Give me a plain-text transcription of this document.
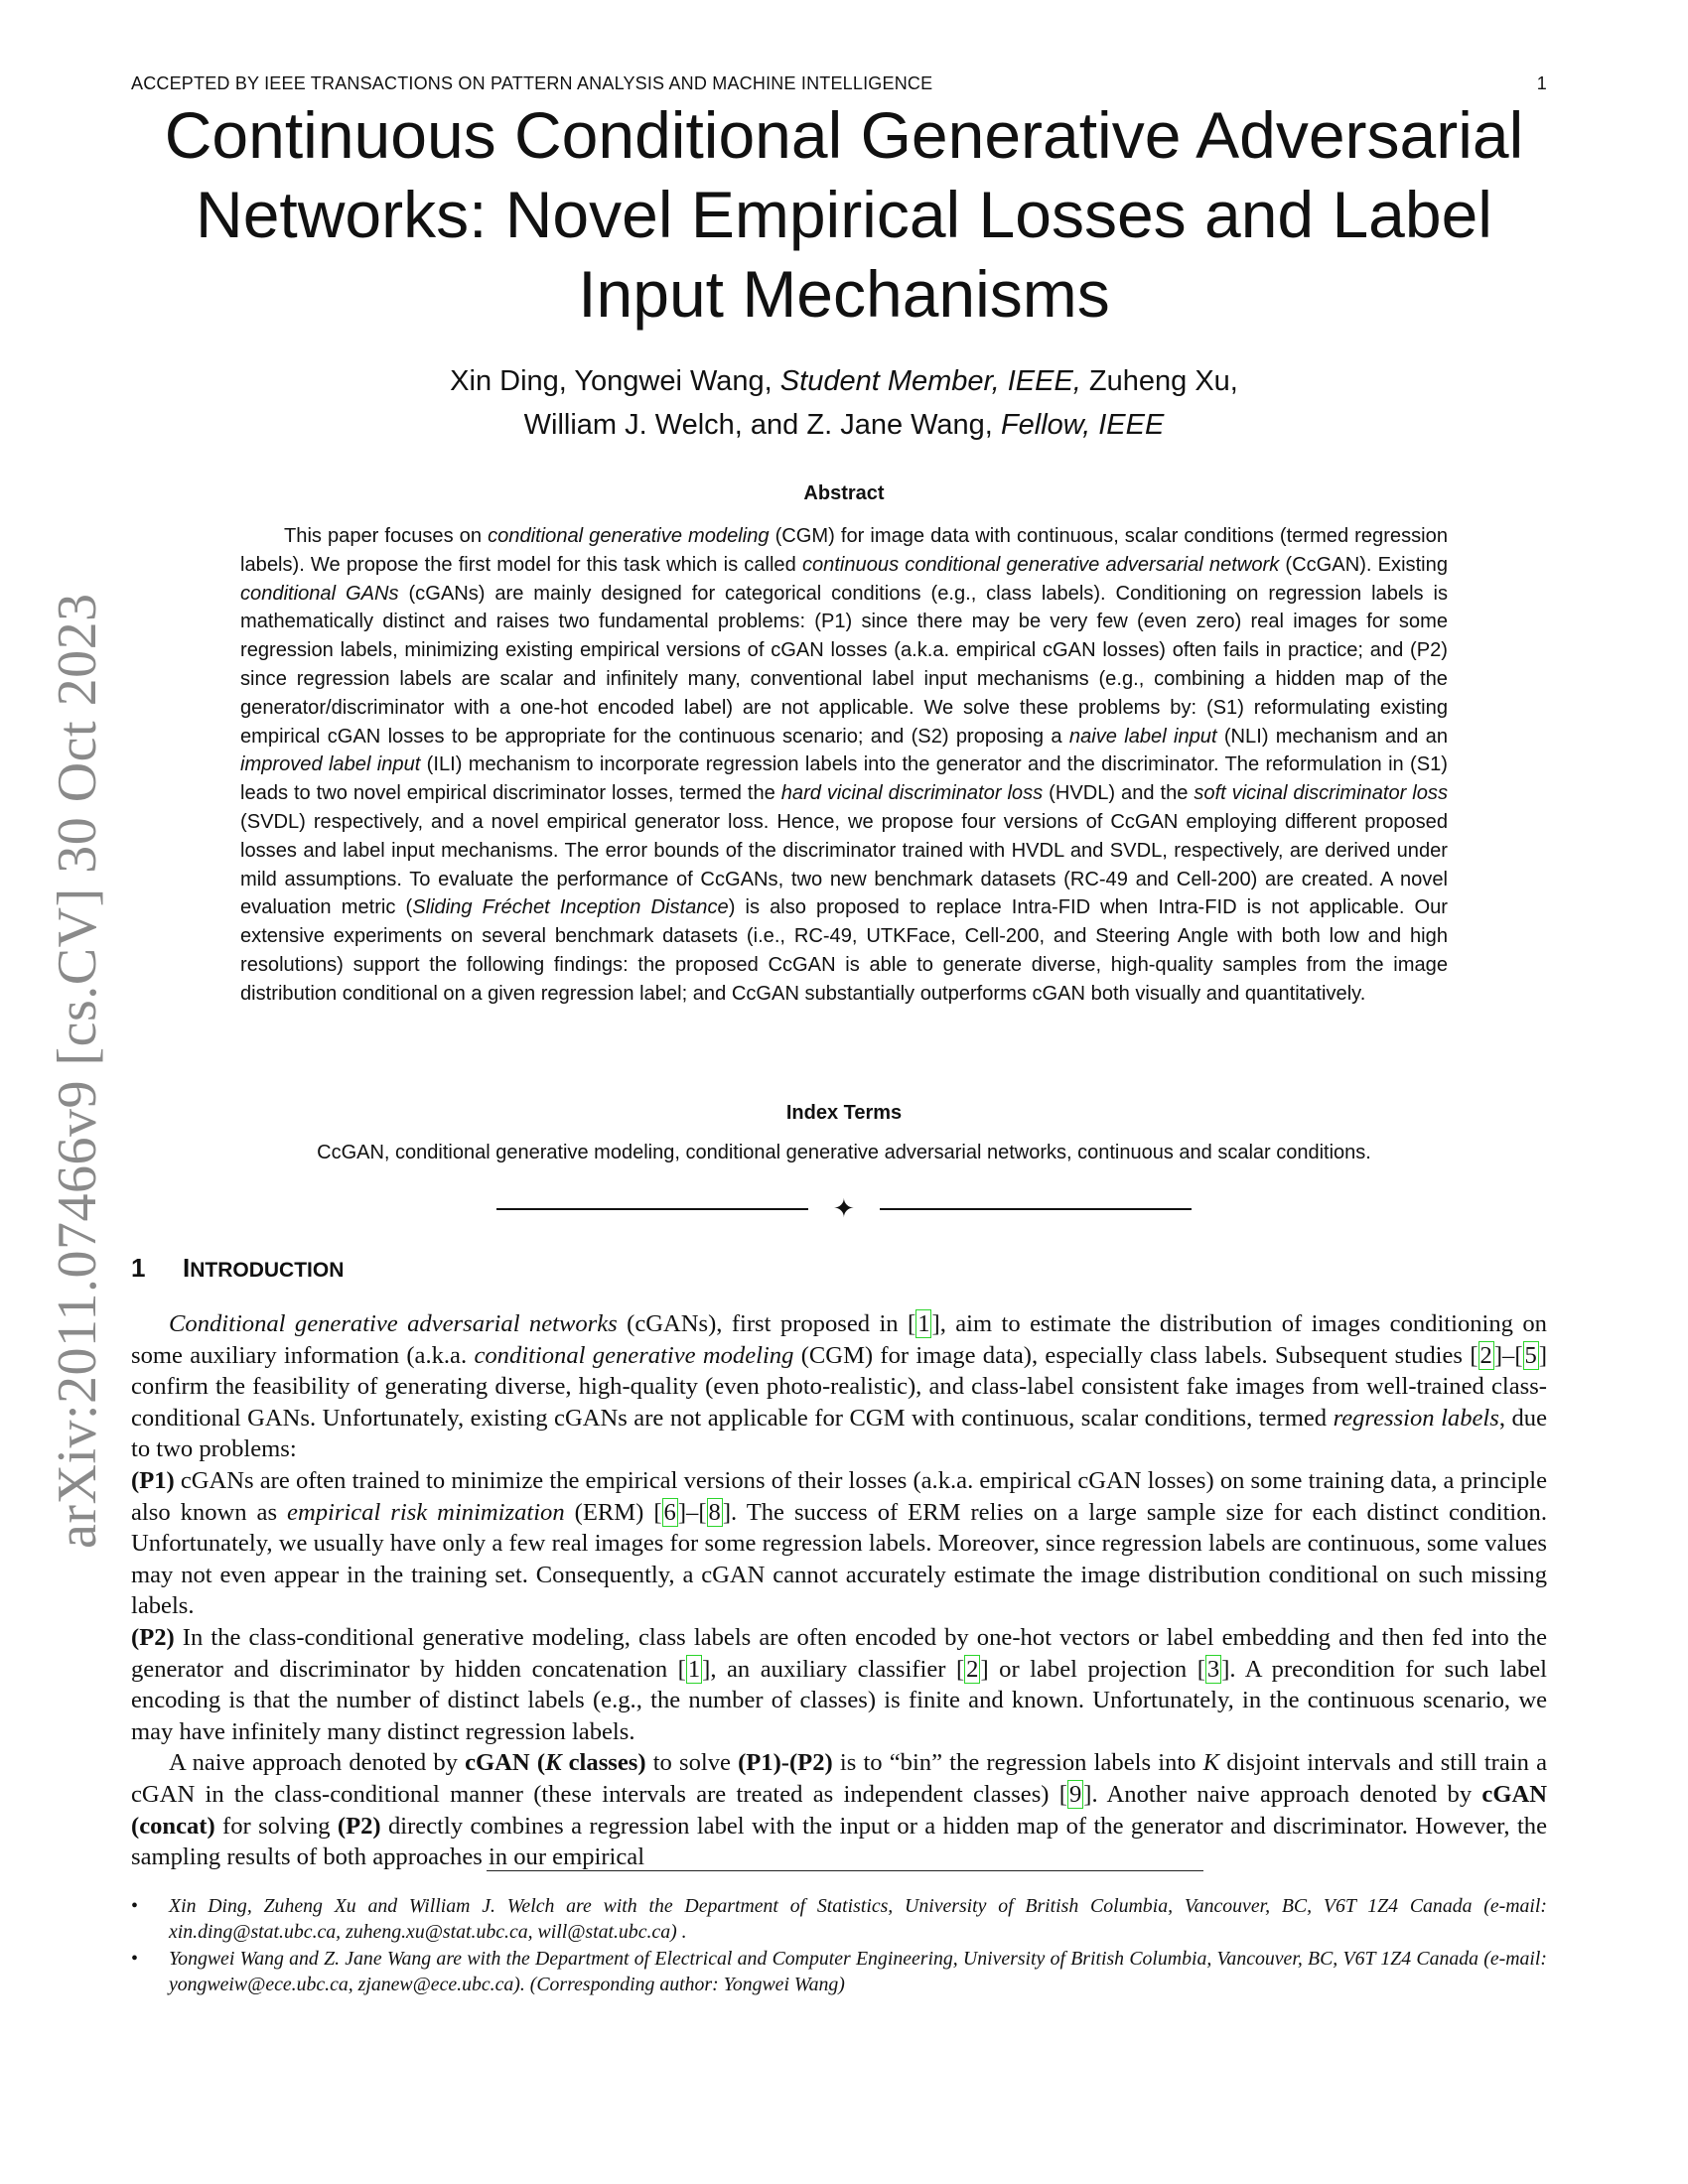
ACCEPTED BY IEEE TRANSACTIONS ON PATTERN ANALYSIS AND MACHINE INTELLIGENCE	1
arXiv:2011.07466v9 [cs.CV] 30 Oct 2023
Continuous Conditional Generative Adversarial Networks: Novel Empirical Losses and Label Input Mechanisms
Xin Ding, Yongwei Wang, Student Member, IEEE, Zuheng Xu,
William J. Welch, and Z. Jane Wang, Fellow, IEEE
Abstract

This paper focuses on conditional generative modeling (CGM) for image data with continuous, scalar conditions (termed regression labels). We propose the first model for this task which is called continuous conditional generative adversarial network (CcGAN). Existing conditional GANs (cGANs) are mainly designed for categorical conditions (e.g., class labels). Conditioning on regression labels is mathematically distinct and raises two fundamental problems: (P1) since there may be very few (even zero) real images for some regression labels, minimizing existing empirical versions of cGAN losses (a.k.a. empirical cGAN losses) often fails in practice; and (P2) since regression labels are scalar and infinitely many, conventional label input mechanisms (e.g., combining a hidden map of the generator/discriminator with a one-hot encoded label) are not applicable. We solve these problems by: (S1) reformulating existing empirical cGAN losses to be appropriate for the continuous scenario; and (S2) proposing a naive label input (NLI) mechanism and an improved label input (ILI) mechanism to incorporate regression labels into the generator and the discriminator. The reformulation in (S1) leads to two novel empirical discriminator losses, termed the hard vicinal discriminator loss (HVDL) and the soft vicinal discriminator loss (SVDL) respectively, and a novel empirical generator loss. Hence, we propose four versions of CcGAN employing different proposed losses and label input mechanisms. The error bounds of the discriminator trained with HVDL and SVDL, respectively, are derived under mild assumptions. To evaluate the performance of CcGANs, two new benchmark datasets (RC-49 and Cell-200) are created. A novel evaluation metric (Sliding Fréchet Inception Distance) is also proposed to replace Intra-FID when Intra-FID is not applicable. Our extensive experiments on several benchmark datasets (i.e., RC-49, UTKFace, Cell-200, and Steering Angle with both low and high resolutions) support the following findings: the proposed CcGAN is able to generate diverse, high-quality samples from the image distribution conditional on a given regression label; and CcGAN substantially outperforms cGAN both visually and quantitatively.

Index Terms
CcGAN, conditional generative modeling, conditional generative adversarial networks, continuous and scalar conditions.
✦
1 INTRODUCTION

Conditional generative adversarial networks (cGANs), first proposed in [1], aim to estimate the distribution of images conditioning on some auxiliary information (a.k.a. conditional generative modeling (CGM) for image data), especially class labels. Subsequent studies [2]–[5] confirm the feasibility of generating diverse, high-quality (even photo-realistic), and class-label consistent fake images from well-trained class-conditional GANs. Unfortunately, existing cGANs are not applicable for CGM with continuous, scalar conditions, termed regression labels, due to two problems:

(P1) cGANs are often trained to minimize the empirical versions of their losses (a.k.a. empirical cGAN losses) on some training data, a principle also known as empirical risk minimization (ERM) [6]–[8]. The success of ERM relies on a large sample size for each distinct condition. Unfortunately, we usually have only a few real images for some regression labels. Moreover, since regression labels are continuous, some values may not even appear in the training set. Consequently, a cGAN cannot accurately estimate the image distribution conditional on such missing labels.

(P2) In the class-conditional generative modeling, class labels are often encoded by one-hot vectors or label embedding and then fed into the generator and discriminator by hidden concatenation [1], an auxiliary classifier [2] or label projection [3]. A precondition for such label encoding is that the number of distinct labels (e.g., the number of classes) is finite and known. Unfortunately, in the continuous scenario, we may have infinitely many distinct regression labels.

A naive approach denoted by cGAN (K classes) to solve (P1)-(P2) is to “bin” the regression labels into K disjoint intervals and still train a cGAN in the class-conditional manner (these intervals are treated as independent classes) [9]. Another naive approach denoted by cGAN (concat) for solving (P2) directly combines a regression label with the input or a hidden map of the generator and discriminator. However, the sampling results of both approaches in our empirical

• Xin Ding, Zuheng Xu and William J. Welch are with the Department of Statistics, University of British Columbia, Vancouver, BC, V6T 1Z4 Canada (e-mail: xin.ding@stat.ubc.ca, zuheng.xu@stat.ubc.ca, will@stat.ubc.ca) .
• Yongwei Wang and Z. Jane Wang are with the Department of Electrical and Computer Engineering, University of British Columbia, Vancouver, BC, V6T 1Z4 Canada (e-mail: yongweiw@ece.ubc.ca, zjanew@ece.ubc.ca). (Corresponding author: Yongwei Wang)
